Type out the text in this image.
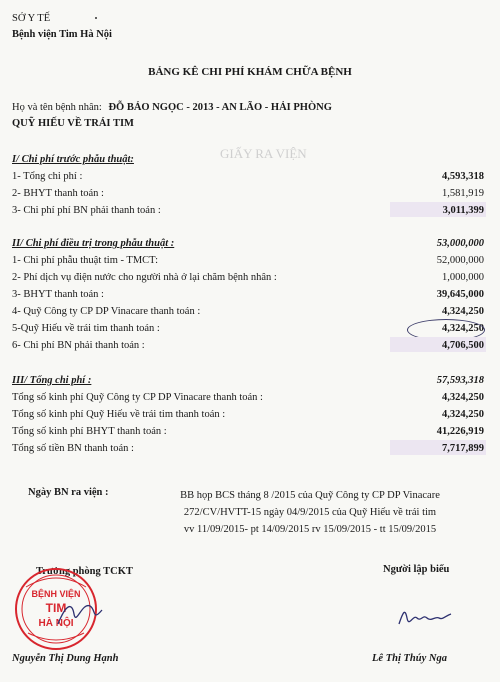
SỞ Y TẾ
Bệnh viện Tim Hà Nội
BẢNG KÊ CHI PHÍ KHÁM CHỮA BỆNH
GIẤY RA VIỆN
Họ và tên bệnh nhân: ĐỖ BẢO NGỌC - 2013 - AN LÃO - HẢI PHÒNG
QUỸ HIẾU VỀ TRÁI TIM
I/ Chi phí trước phẫu thuật:
1- Tổng chi phí :	4,593,318
2- BHYT thanh toán :	1,581,919
3- Chi phí phí BN phải thanh toán :	3,011,399
II/ Chi phí điều trị trong phẫu thuật :	53,000,000
1- Chi phí phẫu thuật tim - TMCT:	52,000,000
2- Phí dịch vụ điện nước cho người nhà ở lại chăm bệnh nhân :	1,000,000
3- BHYT thanh toán :	39,645,000
4- Quỹ Công ty CP DP Vinacare thanh toán :	4,324,250
5-Quỹ Hiếu về trái tim thanh toán :	4,324,250
6- Chi phí BN phải thanh toán :	4,706,500
III/ Tổng chi phí :	57,593,318
Tổng số kinh phí Quỹ Công ty CP DP Vinacare thanh toán :	4,324,250
Tổng số kinh phí Quỹ Hiếu về trái tim thanh toán :	4,324,250
Tổng số kinh phí BHYT thanh toán :	41,226,919
Tổng số tiền BN thanh toán :	7,717,899
Ngày BN ra viện :	BB họp BCS tháng 8 /2015 của Quỹ Công ty CP DP Vinacare
272/CV/HVTT-15 ngày 04/9/2015 của Quỹ Hiếu về trái tim
vv 11/09/2015- pt 14/09/2015 rv 15/09/2015 - tt 15/09/2015
Trưởng phòng TCKT	Người lập biểu
BỆNH VIỆN
TIM
HÀ NỘI
Nguyễn Thị Dung Hạnh	Lê Thị Thúy Nga
